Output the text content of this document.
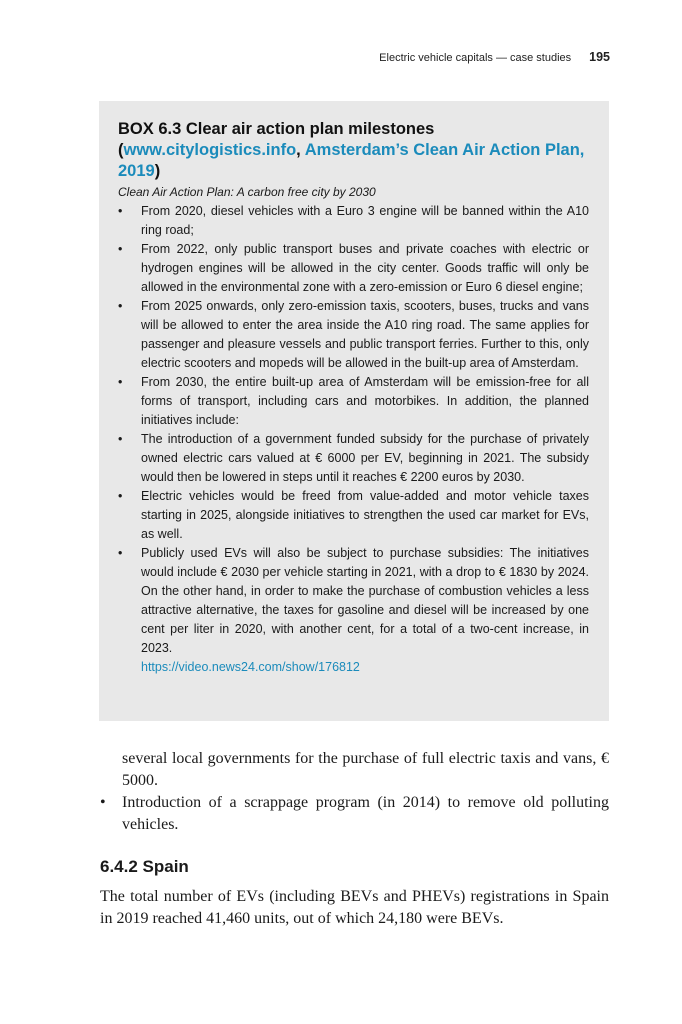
Electric vehicle capitals — case studies 195
BOX 6.3 Clear air action plan milestones (www.citylogistics.info, Amsterdam’s Clean Air Action Plan, 2019)
Clean Air Action Plan: A carbon free city by 2030
• From 2020, diesel vehicles with a Euro 3 engine will be banned within the A10 ring road;
• From 2022, only public transport buses and private coaches with electric or hydrogen engines will be allowed in the city center. Goods traffic will only be allowed in the environmental zone with a zero-emission or Euro 6 diesel engine;
• From 2025 onwards, only zero-emission taxis, scooters, buses, trucks and vans will be allowed to enter the area inside the A10 ring road. The same applies for passenger and pleasure vessels and public transport ferries. Further to this, only electric scooters and mopeds will be allowed in the built-up area of Amsterdam.
• From 2030, the entire built-up area of Amsterdam will be emission-free for all forms of transport, including cars and motorbikes. In addition, the planned initiatives include:
• The introduction of a government funded subsidy for the purchase of privately owned electric cars valued at € 6000 per EV, beginning in 2021. The subsidy would then be lowered in steps until it reaches € 2200 euros by 2030.
• Electric vehicles would be freed from value-added and motor vehicle taxes starting in 2025, alongside initiatives to strengthen the used car market for EVs, as well.
• Publicly used EVs will also be subject to purchase subsidies: The initiatives would include € 2030 per vehicle starting in 2021, with a drop to € 1830 by 2024. On the other hand, in order to make the purchase of combustion vehicles a less attractive alternative, the taxes for gasoline and diesel will be increased by one cent per liter in 2020, with another cent, for a total of a two-cent increase, in 2023.
https://video.news24.com/show/176812
several local governments for the purchase of full electric taxis and vans, € 5000.
•	Introduction of a scrappage program (in 2014) to remove old polluting vehicles.
6.4.2 Spain
The total number of EVs (including BEVs and PHEVs) registrations in Spain in 2019 reached 41,460 units, out of which 24,180 were BEVs.
